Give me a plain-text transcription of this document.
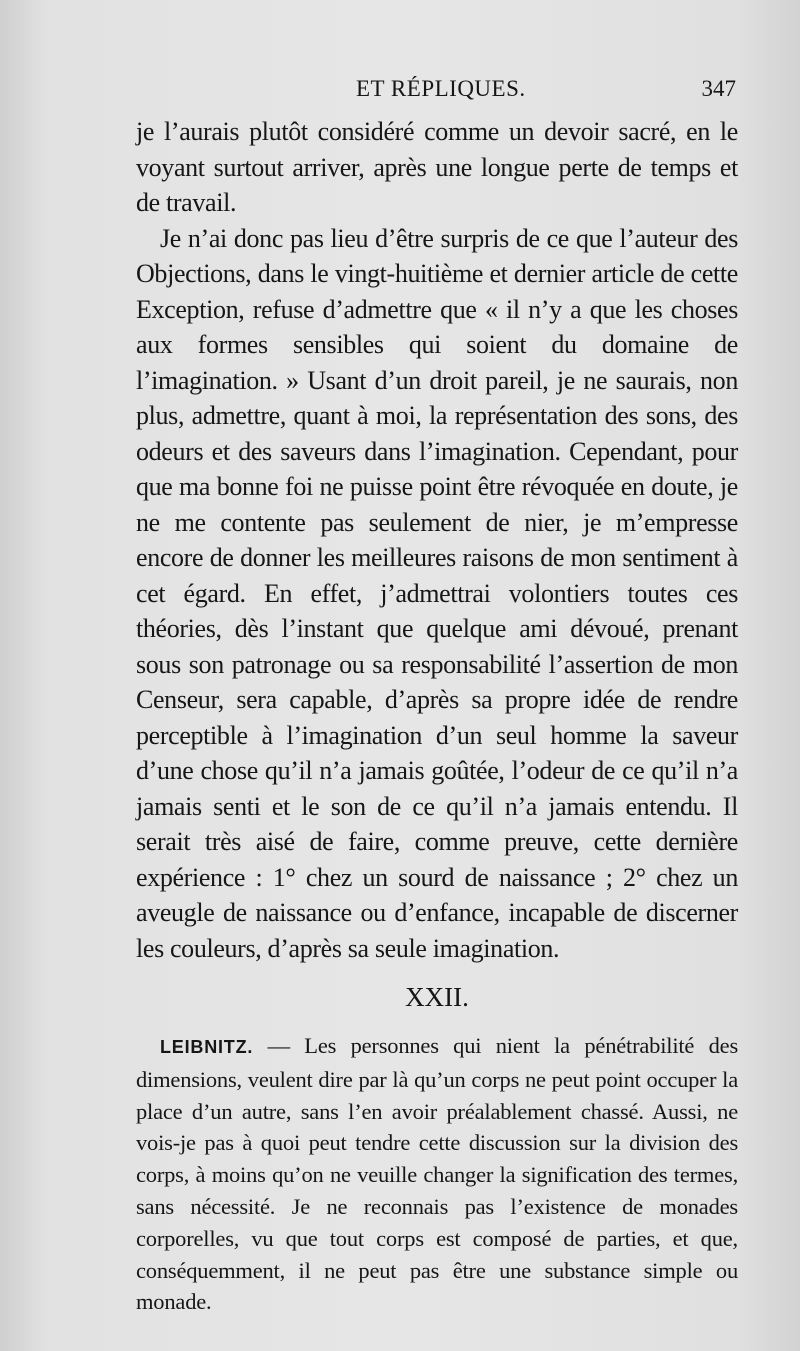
ET RÉPLIQUES.	347

je l’aurais plutôt considéré comme un devoir sacré, en le voyant surtout arriver, après une longue perte de temps et de travail.

Je n’ai donc pas lieu d’être surpris de ce que l’auteur des Objections, dans le vingt-huitième et dernier article de cette Exception, refuse d’admettre que « il n’y a que les choses aux formes sensibles qui soient du domaine de l’imagination. » Usant d’un droit pareil, je ne saurais, non plus, admettre, quant à moi, la représentation des sons, des odeurs et des saveurs dans l’imagination. Cependant, pour que ma bonne foi ne puisse point être révoquée en doute, je ne me contente pas seulement de nier, je m’empresse encore de donner les meilleures raisons de mon sentiment à cet égard. En effet, j’admettrai volontiers toutes ces théories, dès l’instant que quelque ami dévoué, prenant sous son patronage ou sa responsabilité l’assertion de mon Censeur, sera capable, d’après sa propre idée de rendre perceptible à l’imagination d’un seul homme la saveur d’une chose qu’il n’a jamais goûtée, l’odeur de ce qu’il n’a jamais senti et le son de ce qu’il n’a jamais entendu. Il serait très aisé de faire, comme preuve, cette dernière expérience : 1° chez un sourd de naissance ; 2° chez un aveugle de naissance ou d’enfance, incapable de discerner les couleurs, d’après sa seule imagination.

XXII.

LEIBNITZ. — Les personnes qui nient la pénétrabilité des dimensions, veulent dire par là qu’un corps ne peut point occuper la place d’un autre, sans l’en avoir préalablement chassé. Aussi, ne vois-je pas à quoi peut tendre cette discussion sur la division des corps, à moins qu’on ne veuille changer la signification des termes, sans nécessité. Je ne reconnais pas l’existence de monades corporelles, vu que tout corps est composé de parties, et que, conséquemment, il ne peut pas être une substance simple ou monade.
